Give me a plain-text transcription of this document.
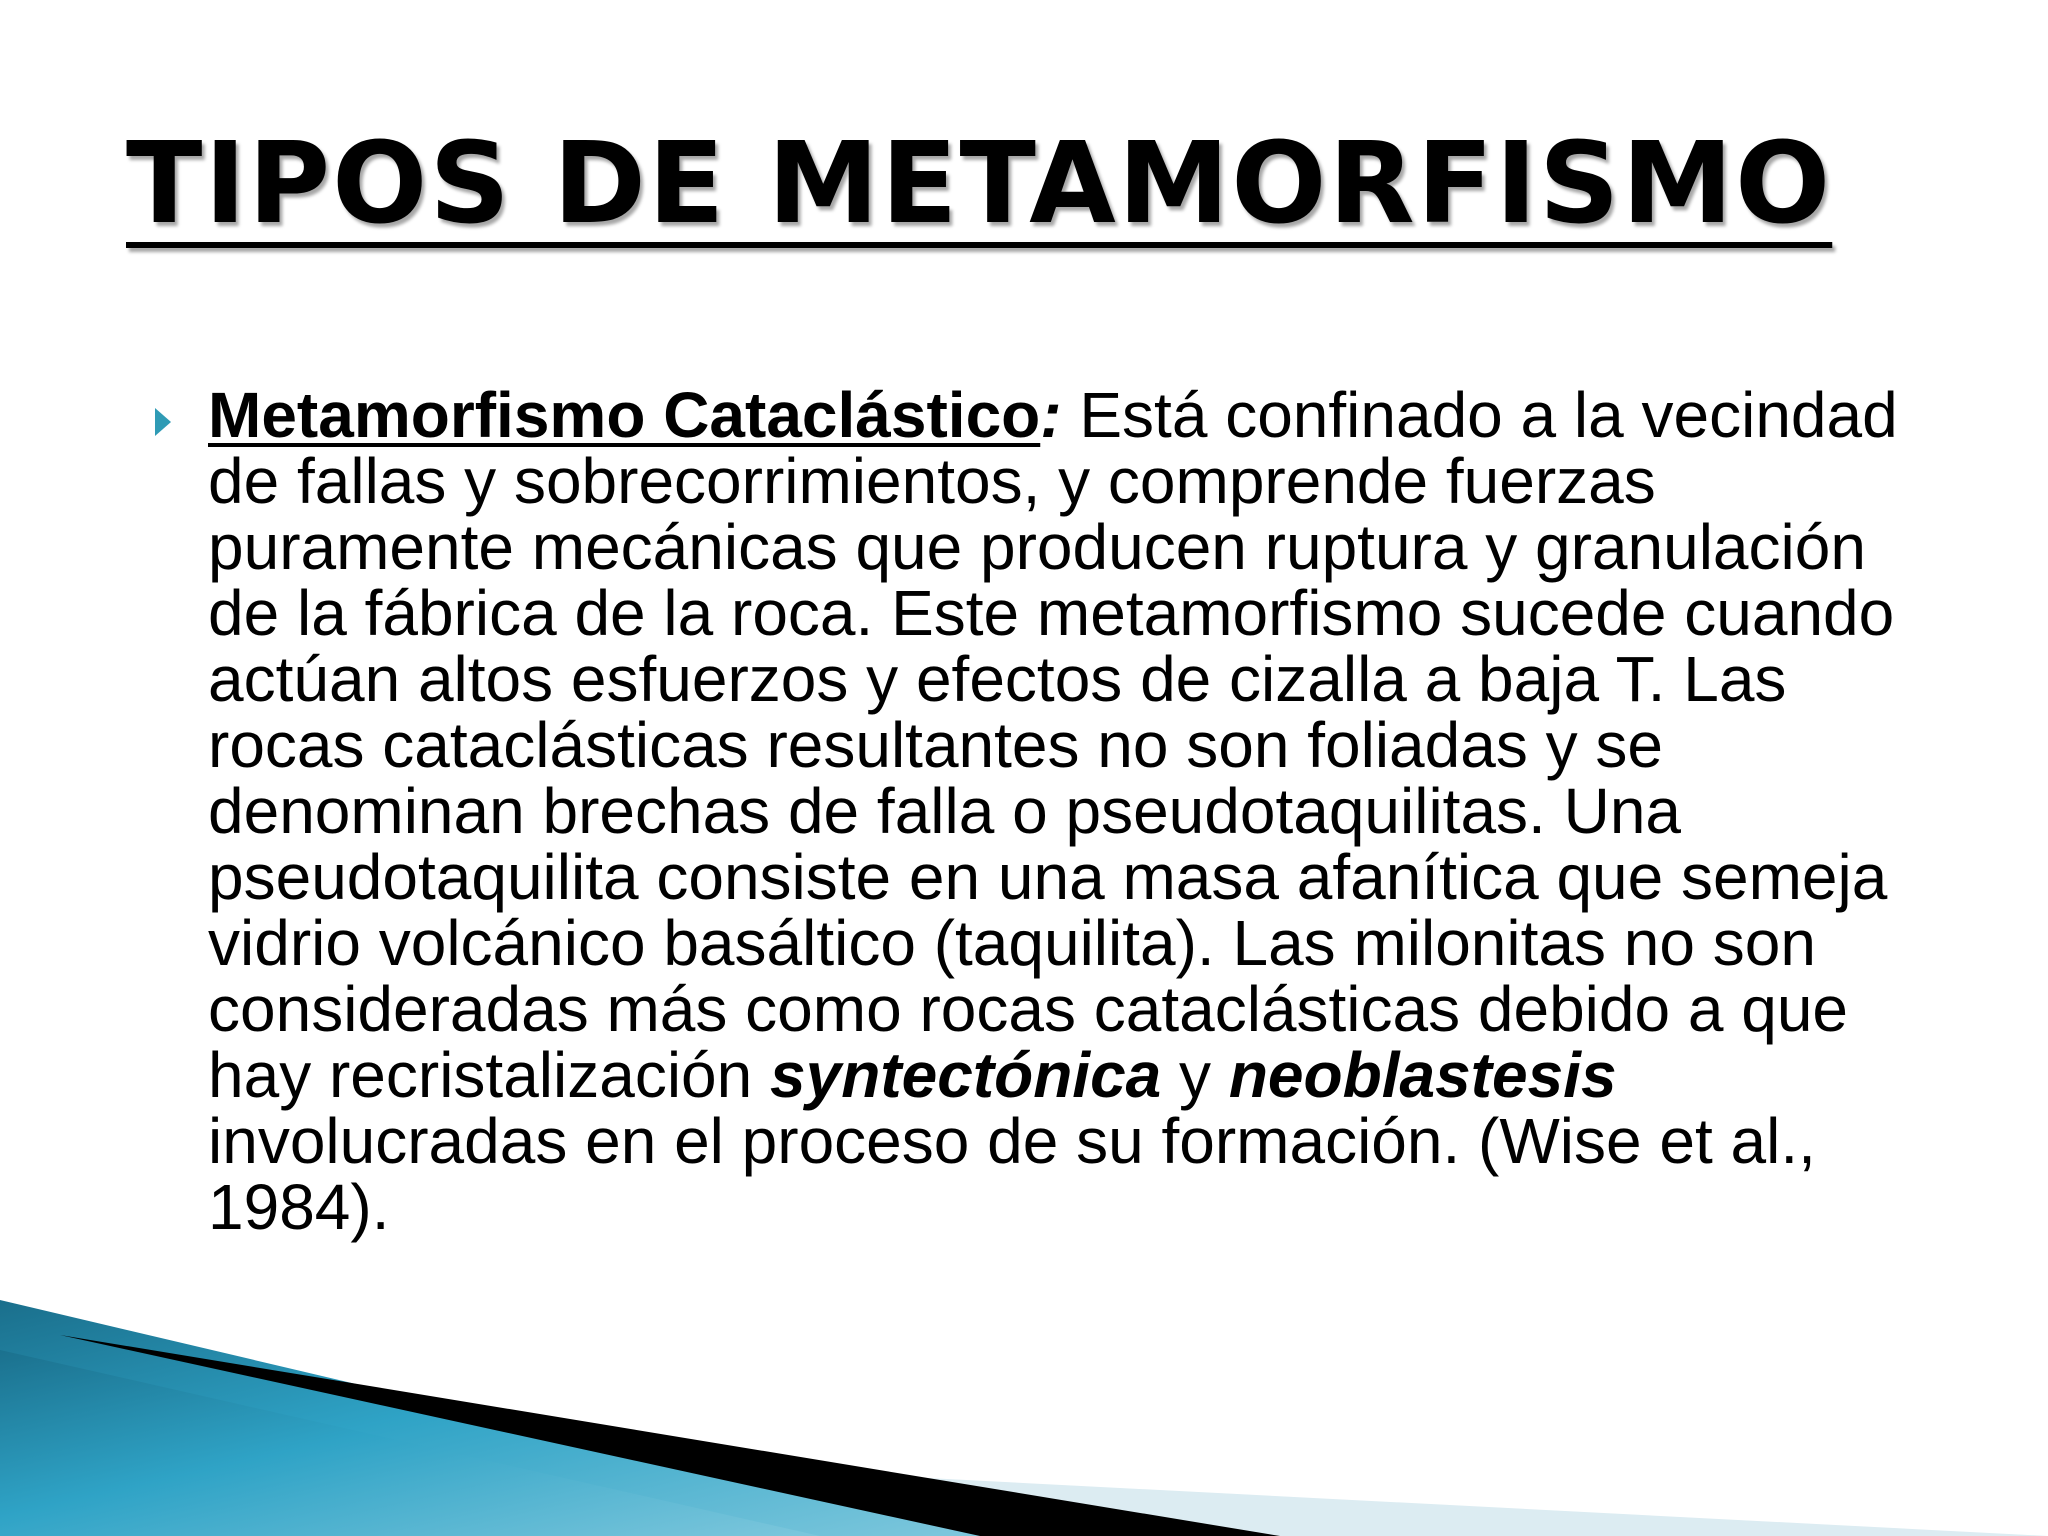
TIPOS DE METAMORFISMO

Metamorfismo Cataclástico: Está confinado a la vecindad de fallas y sobrecorrimientos, y comprende fuerzas puramente mecánicas que producen ruptura y granulación de la fábrica de la roca. Este metamorfismo sucede cuando actúan altos esfuerzos y efectos de cizalla a baja T. Las rocas cataclásticas resultantes no son foliadas y se denominan brechas de falla o pseudotaquilitas. Una pseudotaquilita consiste en una masa afanítica que semeja vidrio volcánico basáltico (taquilita). Las milonitas no son consideradas más como rocas cataclásticas debido a que hay recristalización syntectónica y neoblastesis involucradas en el proceso de su formación. (Wise et al., 1984).
